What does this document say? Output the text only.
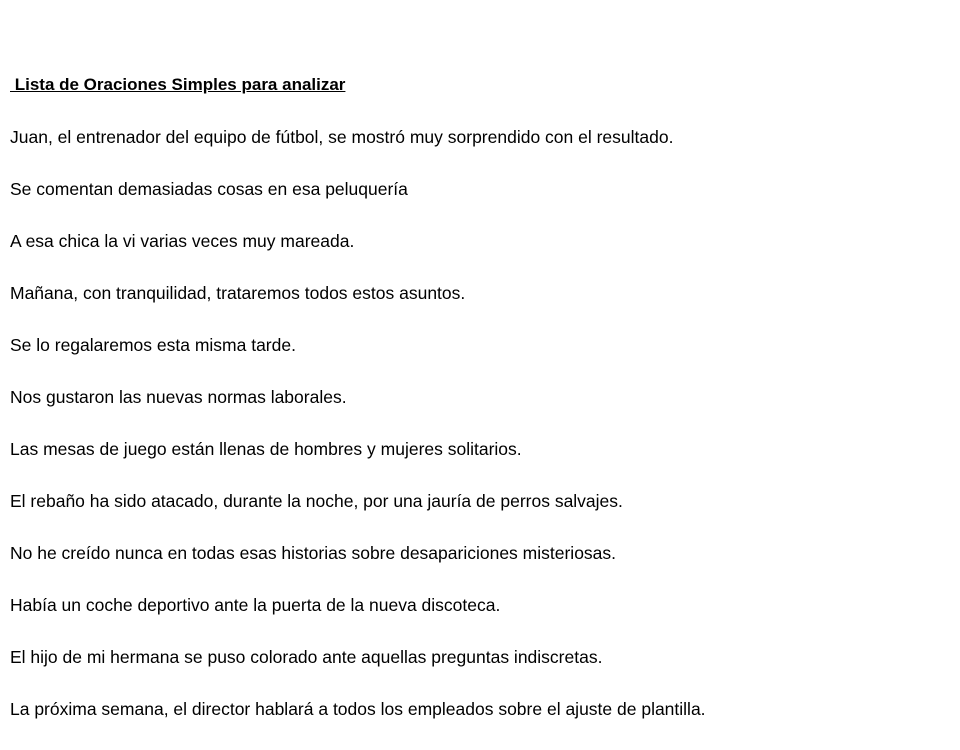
Lista de Oraciones Simples para analizar
Juan, el entrenador del equipo de fútbol, se mostró muy sorprendido con el resultado.
Se comentan demasiadas cosas en esa peluquería
A esa chica la vi varias veces muy mareada.
Mañana, con tranquilidad, trataremos todos estos asuntos.
Se lo regalaremos esta misma tarde.
Nos gustaron las nuevas normas laborales.
Las mesas de juego están llenas de hombres y mujeres solitarios.
El rebaño ha sido atacado, durante la noche, por una jauría de perros salvajes.
No he creído nunca en todas esas historias sobre desapariciones misteriosas.
Había un coche deportivo ante la puerta de la nueva discoteca.
El hijo de mi hermana se puso colorado ante aquellas preguntas indiscretas.
La próxima semana, el director hablará a todos los empleados sobre el ajuste de plantilla.
